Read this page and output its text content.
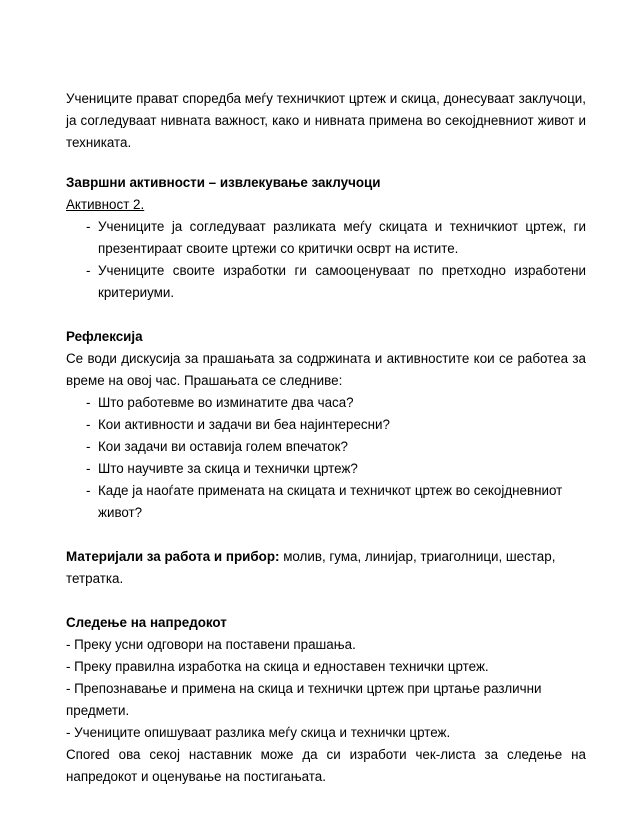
Учениците прават споредба меѓу техничкиот цртеж и скица, донесуваат заклучоци, ја согледуваат нивната важност, како и нивната примена во секојдневниот живот и техниката.

Завршни активности – извлекување заклучоци

Активност 2.

- Учениците ја согледуваат разликата меѓу скицата и техничкиот цртеж, ги презентираат своите цртежи со критички осврт на истите.
- Учениците своите изработки ги самооценуваат по претходно изработени критериуми.

Рефлексија

Се води дискусија за прашањата за содржината и активностите кои се работеа за време на овој час. Прашањата се следниве:

- Што работевме во изминатите два часа?
- Кои активности и задачи ви беа најинтересни?
- Кои задачи ви оставија голем впечаток?
- Што научивте за скица и технички цртеж?
- Каде ја наоѓате примената на скицата и техничкот цртеж во секојдневниот живот?

Материјали за работа и прибор: молив, гума, линијар, триаголници, шестар, тетратка.

Следење на напредокот

- Преку усни одговори на поставени прашања.

- Преку правилна изработка на скица и едноставен технички цртеж.

- Препознавање и примена на скица и технички цртеж при цртање различни предмети.

- Учениците опишуваат разлика меѓу скица и технички цртеж.

Спored ова секој наставник може да си изработи чек-листа за следење на напредокот и оценување на постигањата.
